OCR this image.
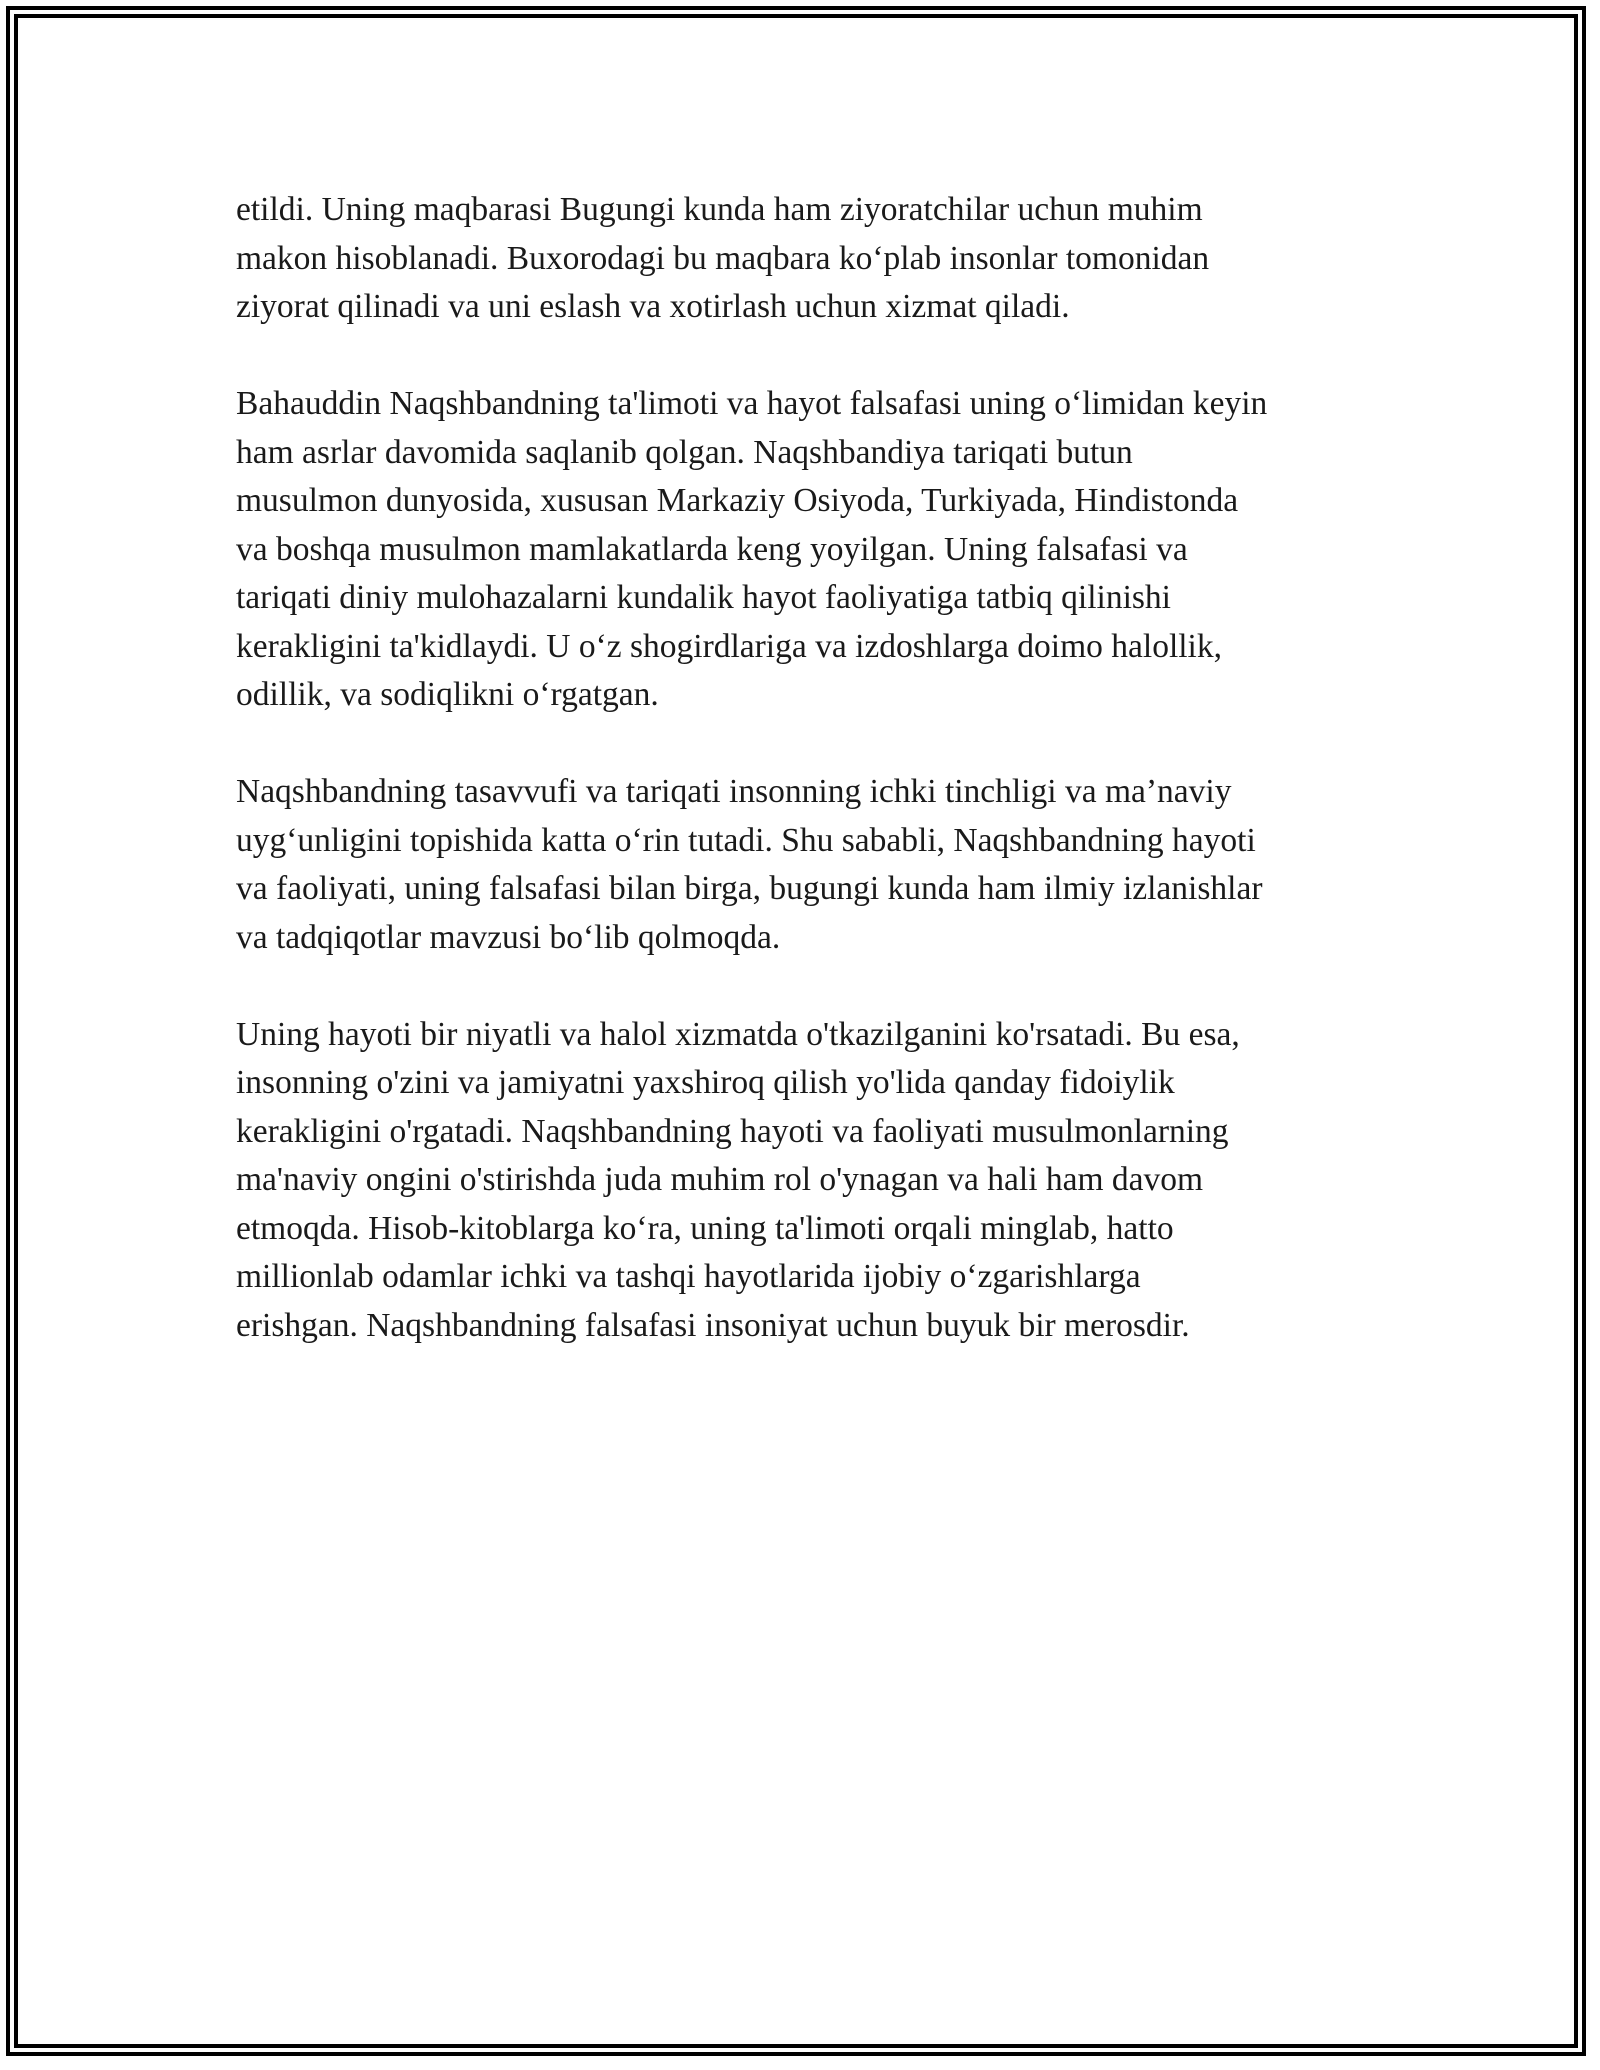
etildi. Uning maqbarasi Bugungi kunda ham ziyoratchilar uchun muhim
makon hisoblanadi. Buxorodagi bu maqbara ko‘plab insonlar tomonidan
ziyorat qilinadi va uni eslash va xotirlash uchun xizmat qiladi.

Bahauddin Naqshbandning ta'limoti va hayot falsafasi uning o‘limidan keyin
ham asrlar davomida saqlanib qolgan. Naqshbandiya tariqati butun
musulmon dunyosida, xususan Markaziy Osiyoda, Turkiyada, Hindistonda
va boshqa musulmon mamlakatlarda keng yoyilgan. Uning falsafasi va
tariqati diniy mulohazalarni kundalik hayot faoliyatiga tatbiq qilinishi
kerakligini ta'kidlaydi. U o‘z shogirdlariga va izdoshlarga doimo halollik,
odillik, va sodiqlikni o‘rgatgan.

Naqshbandning tasavvufi va tariqati insonning ichki tinchligi va ma’naviy
uyg‘unligini topishida katta o‘rin tutadi. Shu sababli, Naqshbandning hayoti
va faoliyati, uning falsafasi bilan birga, bugungi kunda ham ilmiy izlanishlar
va tadqiqotlar mavzusi bo‘lib qolmoqda.

Uning hayoti bir niyatli va halol xizmatda o'tkazilganini ko'rsatadi. Bu esa,
insonning o'zini va jamiyatni yaxshiroq qilish yo'lida qanday fidoiylik
kerakligini o'rgatadi. Naqshbandning hayoti va faoliyati musulmonlarning
ma'naviy ongini o'stirishda juda muhim rol o'ynagan va hali ham davom
etmoqda. Hisob-kitoblarga ko‘ra, uning ta'limoti orqali minglab, hatto
millionlab odamlar ichki va tashqi hayotlarida ijobiy o‘zgarishlarga
erishgan. Naqshbandning falsafasi insoniyat uchun buyuk bir merosdir.
